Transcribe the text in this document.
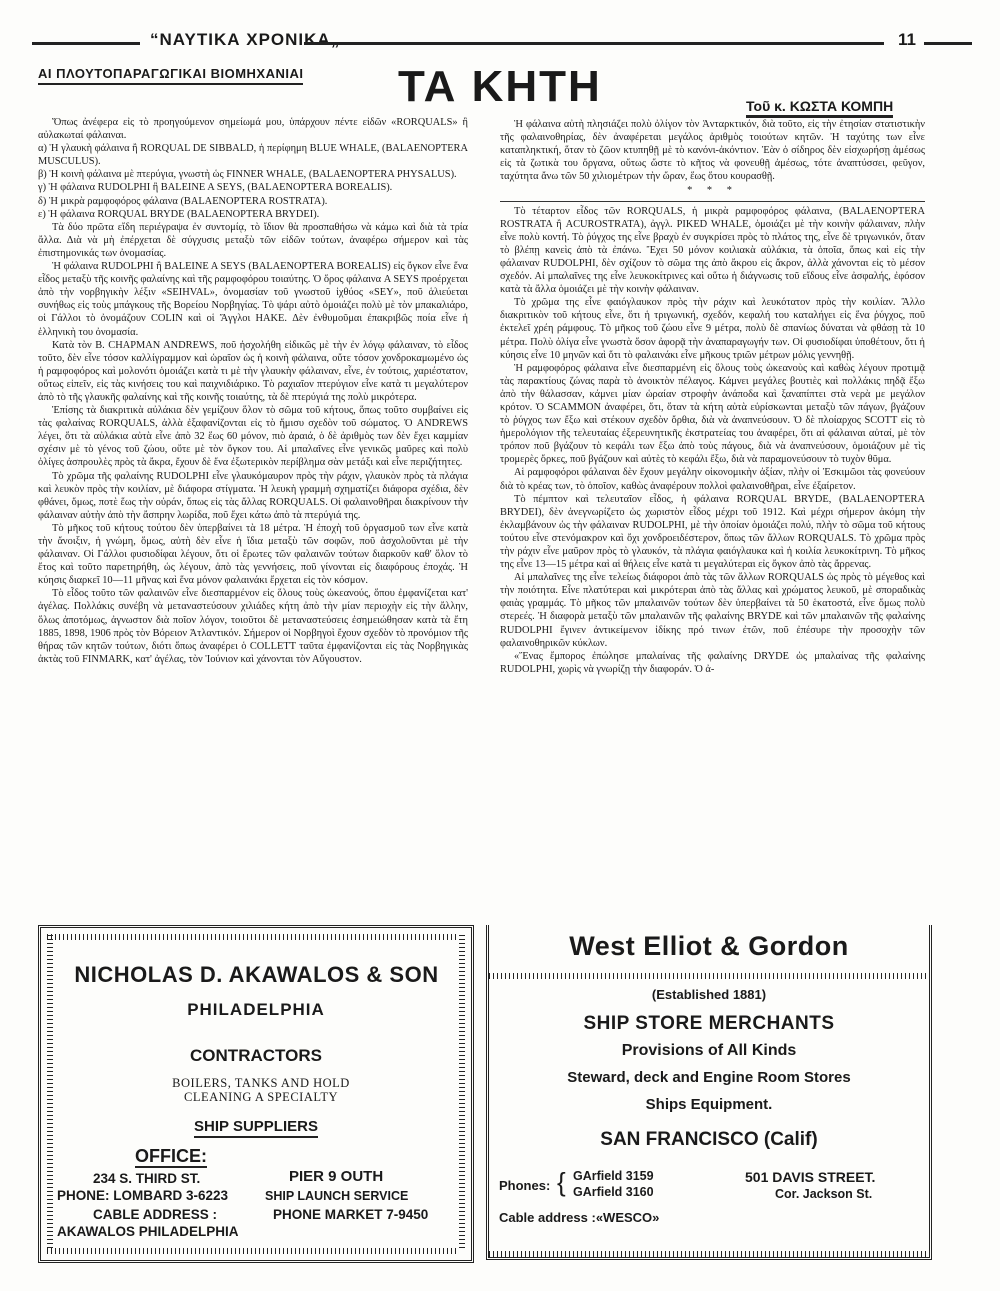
“ΝΑΥΤΙΚΑ ΧΡΟΝΙΚΑ„	11
ΑΙ ΠΛΟΥΤΟΠΑΡΑΓΩΓΙΚΑΙ ΒΙΟΜΗΧΑΝΙΑΙ ΤΑ ΚΗΤΗ	Τοῦ κ. ΚΩΣΤΑ ΚΟΜΠΗ

Ὅπως ἀνέφερα εἰς τὸ προηγούμενον σημείωμά μου, ὑπάρχουν πέντε εἰδῶν «RORQUALS» ἢ αὐλακωταί φάλαιναι.

α) Ἡ γλαυκὴ φάλαινα ἢ RORQUAL DE SIBBALD, ἡ περίφημη BLUE WHALE, (BALAENOPTERA MUSCULUS).

β) Ἡ κοινὴ φάλαινα μὲ πτερύγια, γνωστὴ ὡς FINNER WHALE, (BALAENOPTERA PHYSALUS).

γ) Ἡ φάλαινα RUDOLPHI ἢ BALEINE A SEYS, (BALAENOPTERA BOREALIS).

δ) Ἡ μικρὰ ραμφοφόρος φάλαινα (BALAENOPTERA ROSTRATA).

ε) Ἡ φάλαινα RORQUAL BRYDE (BALAENOPTERA BRYDEI).

Τὰ δύο πρῶτα εἴδη περιέγραψα ἐν συντομίᾳ, τὸ ἴδιον θὰ προσπαθήσω νὰ κάμω καὶ διὰ τὰ τρία ἄλλα. Διὰ νὰ μὴ ἐπέρχεται δὲ σύγχυσις μεταξὺ τῶν εἰδῶν τούτων, ἀναφέρω σήμερον καὶ τὰς ἐπιστημονικάς των ὀνομασίας.

Ἡ φάλαινα RUDOLPHI ἢ BALEINE A SEYS (BALAENOPTERA BOREALIS) εἰς ὄγκον εἶνε ἕνα εἶδος μεταξὺ τῆς κοινῆς φαλαίνης καὶ τῆς ραμφοφόρου τοιαύτης. Ὁ ὅρος φάλαινα A SEYS προέρχεται ἀπὸ τὴν νορβηγικὴν λέξιν «SEIHVAL», ὀνομασίαν τοῦ γνωστοῦ ἰχθύος «SEY», ποῦ ἁλιεύεται συνήθως εἰς τοὺς μπάγκους τῆς Βορείου Νορβηγίας. Τὸ ψάρι αὐτὸ ὁμοιάζει πολὺ μὲ τὸν μπακαλιάρο, οἱ Γάλλοι τὸ ὀνομάζουν COLIN καὶ οἱ Ἄγγλοι HAKE. Δὲν ἐνθυμοῦμαι ἐπακριβῶς ποία εἶνε ἡ ἑλληνικὴ του ὀνομασία.

Κατὰ τὸν B. CHAPMAN ANDREWS, ποῦ ἠσχολήθη εἰδικῶς μὲ τὴν ἐν λόγῳ φάλαιναν, τὸ εἶδος τοῦτο, δὲν εἶνε τόσον καλλίγραμμον καὶ ὡραῖον ὡς ἡ κοινὴ φάλαινα, οὔτε τόσον χονδροκαμωμένο ὡς ἡ ραμφοφόρος καὶ μολονότι ὁμοιάζει κατὰ τι μὲ τὴν γλαυκὴν φάλαιναν, εἶνε, ἐν τούτοις, χαριέστατον, οὕτως εἰπεῖν, εἰς τὰς κινήσεις του καὶ παιχνιδιάρικο. Τὸ ραχιαῖον πτερύγιον εἶνε κατὰ τι μεγαλύτερον ἀπὸ τὸ τῆς γλαυκῆς φαλαίνης καὶ τῆς κοινῆς τοιαύτης, τὰ δὲ πτερύγιά της πολὺ μικρότερα.

Ἐπίσης τὰ διακριτικὰ αὐλάκια δὲν γεμίζουν ὅλον τὸ σῶμα τοῦ κήτους, ὅπως τοῦτο συμβαίνει εἰς τὰς φαλαίνας RORQUALS, ἀλλὰ ἐξαφανίζονται εἰς τὸ ἥμισυ σχεδὸν τοῦ σώματος. Ὁ ANDREWS λέγει, ὅτι τὰ αὐλάκια αὐτὰ εἶνε ἀπὸ 32 ἕως 60 μόνον, πιὸ ἀραιά, ὁ δὲ ἀριθμὸς των δὲν ἔχει καμμίαν σχέσιν μὲ τὸ γένος τοῦ ζώου, οὔτε μὲ τὸν ὄγκον του. Αἱ μπαλαῖνες εἶνε γενικῶς μαῦρες καὶ πολὺ ὀλίγες ἀσπρουλὲς πρὸς τὰ ἄκρα, ἔχουν δὲ ἕνα ἐξωτερικὸν περίβλημα σὰν μετάξι καὶ εἶνε περιζήτητες.

Τὸ χρῶμα τῆς φαλαίνης RUDOLPHI εἶνε γλαυκόμαυρον πρὸς τὴν ράχιν, γλαυκὸν πρὸς τὰ πλάγια καὶ λευκὸν πρὸς τὴν κοιλίαν, μὲ διάφορα στίγματα. Ἡ λευκὴ γραμμὴ σχηματίζει διάφορα σχέδια, δὲν φθάνει, ὅμως, ποτὲ ἕως τὴν οὐράν, ὅπως εἰς τὰς ἄλλας RORQUALS. Οἱ φαλαινοθῆραι διακρίνουν τὴν φάλαιναν αὐτὴν ἀπὸ τὴν ἄσπρην λωρίδα, ποῦ ἔχει κάτω ἀπὸ τὰ πτερύγιά της.

Τὸ μῆκος τοῦ κήτους τούτου δὲν ὑπερβαίνει τὰ 18 μέτρα. Ἡ ἐποχὴ τοῦ ὀργασμοῦ των εἶνε κατὰ τὴν ἄνοιξιν, ἡ γνώμη, ὅμως, αὐτὴ δὲν εἶνε ἡ ἴδια μεταξὺ τῶν σοφῶν, ποῦ ἀσχολοῦνται μὲ τὴν φάλαιναν. Οἱ Γάλλοι φυσιοδίφαι λέγουν, ὅτι οἱ ἔρωτες τῶν φαλαινῶν τούτων διαρκοῦν καθ' ὅλον τὸ ἔτος καὶ τοῦτο παρετηρήθη, ὡς λέγουν, ἀπὸ τὰς γεννήσεις, ποῦ γίνονται εἰς διαφόρους ἐποχάς. Ἡ κύησις διαρκεῖ 10—11 μῆνας καὶ ἕνα μόνον φαλαινάκι ἔρχεται εἰς τὸν κόσμον.

Τὸ εἶδος τοῦτο τῶν φαλαινῶν εἶνε διεσπαρμένον εἰς ὅλους τοὺς ὠκεανούς, ὅπου ἐμφανίζεται κατ' ἀγέλας. Πολλάκις συνέβη νὰ μεταναστεύσουν χιλιάδες κήτη ἀπὸ τὴν μίαν περιοχὴν εἰς τὴν ἄλλην, ὅλως ἀποτόμως, ἀγνωστον διὰ ποῖον λόγον, τοιοῦτοι δὲ μεταναστεύσεις ἐσημειώθησαν κατὰ τὰ ἔτη 1885, 1898, 1906 πρὸς τὸν Βόρειον Ἀτλαντικόν. Σήμερον οἱ Νορβηγοὶ ἔχουν σχεδὸν τὸ προνόμιον τῆς θήρας τῶν κητῶν τούτων, διότι ὅπως ἀναφέρει ὁ COLLETT ταῦτα ἐμφανίζονται εἰς τὰς Νορβηγικὰς ἀκτὰς τοῦ FINMARK, κατ' ἀγέλας, τὸν Ἰούνιον καὶ χάνονται τὸν Αὔγουστον.

Ἡ φάλαινα αὐτὴ πλησιάζει πολὺ ὀλίγον τὸν Ἀνταρκτικόν, διὰ τοῦτο, εἰς τὴν ἐτησίαν στατιστικὴν τῆς φαλαινοθηρίας, δὲν ἀναφέρεται μεγάλος ἀριθμὸς τοιούτων κητῶν. Ἡ ταχύτης των εἶνε καταπληκτική, ὅταν τὸ ζῶον κτυπηθῇ μὲ τὸ κανόνι-ἀκόντιον. Ἐὰν ὁ σίδηρος δὲν εἰσχωρήσῃ ἀμέσως εἰς τὰ ζωτικὰ του ὄργανα, οὕτως ὥστε τὸ κῆτος νὰ φονευθῇ ἀμέσως, τότε ἀναπτύσσει, φεῦγον, ταχύτητα ἄνω τῶν 50 χιλιομέτρων τὴν ὥραν, ἕως ὅτου κουρασθῇ.

* * *

Τὸ τέταρτον εἶδος τῶν RORQUALS, ἡ μικρὰ ραμφοφόρος φάλαινα, (BALAENOPTERA ROSTRATA ἢ ACUROSTRATA), ἀγγλ. PIKED WHALE, ὁμοιάζει μὲ τὴν κοινὴν φάλαιναν, πλὴν εἶνε πολὺ κοντή. Τὸ ῥύγχος της εἶνε βραχὺ ἐν συγκρίσει πρὸς τὸ πλάτος της, εἶνε δὲ τριγωνικόν, ὅταν τὸ βλέπῃ κανεὶς ἀπὸ τὰ ἐπάνω. Ἔχει 50 μόνον κοιλιακὰ αὐλάκια, τὰ ὁποῖα, ὅπως καὶ εἰς τὴν φάλαιναν RUDOLPHI, δὲν σχίζουν τὸ σῶμα της ἀπὸ ἄκρου εἰς ἄκρον, ἀλλὰ χάνονται εἰς τὸ μέσον σχεδόν. Αἱ μπαλαῖνες της εἶνε λευκοκίτρινες καὶ οὕτω ἡ διάγνωσις τοῦ εἴδους εἶνε ἀσφαλής, ἐφόσον κατὰ τὰ ἄλλα ὁμοιάζει μὲ τὴν κοινὴν φάλαιναν.

Τὸ χρῶμα της εἶνε φαιόγλαυκον πρὸς τὴν ράχιν καὶ λευκότατον πρὸς τὴν κοιλίαν. Ἄλλο διακριτικὸν τοῦ κήτους εἶνε, ὅτι ἡ τριγωνική, σχεδόν, κεφαλή του καταλήγει εἰς ἕνα ῥύγχος, ποῦ ἐκτελεῖ χρέη ράμφους. Τὸ μῆκος τοῦ ζώου εἶνε 9 μέτρα, πολὺ δὲ σπανίως δύναται νὰ φθάσῃ τὰ 10 μέτρα. Πολὺ ὀλίγα εἶνε γνωστὰ ὅσον ἀφορᾷ τὴν ἀναπαραγωγήν των. Οἱ φυσιοδίφαι ὑποθέτουν, ὅτι ἡ κύησις εἶνε 10 μηνῶν καὶ ὅτι τὸ φαλαινάκι εἶνε μῆκους τριῶν μέτρων μόλις γεννηθῇ.

Ἡ ραμφοφόρος φάλαινα εἶνε διεσπαρμένη εἰς ὅλους τοὺς ὠκεανοὺς καὶ καθὼς λέγουν προτιμᾷ τὰς παρακτίους ζώνας παρὰ τὸ ἀνοικτὸν πέλαγος. Κάμνει μεγάλες βουτιὲς καὶ πολλάκις πηδᾷ ἔξω ἀπὸ τὴν θάλασσαν, κάμνει μίαν ὡραίαν στροφὴν ἀνάποδα καὶ ξαναπίπτει στὰ νερὰ με μεγάλον κρότον. Ὁ SCAMMON ἀναφέρει, ὅτι, ὅταν τὰ κήτη αὐτὰ εὑρίσκωνται μεταξὺ τῶν πάγων, βγάζουν τὸ ῥύγχος των ἔξω καὶ στέκουν σχεδὸν ὄρθια, διὰ νὰ ἀναπνεύσουν. Ὁ δὲ πλοίαρχος SCOTT εἰς τὸ ἡμερολόγιον τῆς τελευταίας ἐξερευνητικῆς ἐκστρατείας του ἀναφέρει, ὅτι αἱ φάλαιναι αὐταί, μὲ τὸν τρόπον ποῦ βγάζουν τὸ κεφάλι των ἔξω ἀπὸ τοὺς πάγους, διὰ νὰ ἀναπνεύσουν, ὁμοιάζουν μὲ τὶς τρομερὲς ὄρκες, ποῦ βγάζουν καὶ αὐτὲς τὸ κεφάλι ἔξω, διὰ νὰ παραμονεύσουν τὸ τυχὸν θῦμα.

Αἱ ραμφοφόροι φάλαιναι δὲν ἔχουν μεγάλην οἰκονομικὴν ἀξίαν, πλὴν οἱ Ἐσκιμῶοι τὰς φονεύουν διὰ τὸ κρέας των, τὸ ὁποῖον, καθὼς ἀναφέρουν πολλοὶ φαλαινοθῆραι, εἶνε ἐξαίρετον.

Τὸ πέμπτον καὶ τελευταῖον εἶδος, ἡ φάλαινα RORQUAL BRYDE, (BALAENOPTERA BRYDEI), δὲν ἀνεγνωρίζετο ὡς χωριστὸν εἶδος μέχρι τοῦ 1912. Καὶ μέχρι σήμερον ἀκόμη τὴν ἐκλαμβάνουν ὡς τὴν φάλαιναν RUDOLPHI, μὲ τὴν ὁποίαν ὁμοιάζει πολύ, πλὴν τὸ σῶμα τοῦ κήτους τούτου εἶνε στενόμακρον καὶ ὄχι χονδροειδέστερον, ὅπως τῶν ἄλλων RORQUALS. Τὸ χρῶμα πρὸς τὴν ράχιν εἶνε μαῦρον πρὸς τὸ γλαυκόν, τὰ πλάγια φαιόγλαυκα καὶ ἡ κοιλία λευκοκίτρινη. Τὸ μῆκος της εἶνε 13—15 μέτρα καὶ αἱ θήλεις εἶνε κατὰ τι μεγαλύτεραι εἰς ὄγκον ἀπὸ τὰς ἄρρενας.

Αἱ μπαλαῖνες της εἶνε τελείως διάφοροι ἀπὸ τὰς τῶν ἄλλων RORQUALS ὡς πρὸς τὸ μέγεθος καὶ τὴν ποιότητα. Εἶνε πλατύτεραι καὶ μικρότεραι ἀπὸ τὰς ἄλλας καὶ χρώματος λευκοῦ, μὲ σποραδικὰς φαιὰς γραμμάς. Τὸ μῆκος τῶν μπαλαινῶν τούτων δὲν ὑπερβαίνει τὰ 50 ἑκατοστά, εἶνε ὅμως πολὺ στερεές. Ἡ διαφορὰ μεταξὺ τῶν μπαλαινῶν τῆς φαλαίνης BRYDE καὶ τῶν μπαλαινῶν τῆς φαλαίνης RUDOLPHI ἔγινεν ἀντικείμενον ἰδίκης πρό τινων ἐτῶν, ποῦ ἐπέσυρε τὴν προσοχὴν τῶν φαλαινοθηρικῶν κύκλων.

«Ἕνας ἔμπορος ἐπώλησε μπαλαίνας τῆς φαλαίνης DRYDE ὡς μπαλαίνας τῆς φαλαίνης RUDOLPHI, χωρὶς νὰ γνωρίζῃ τὴν διαφοράν. Ὁ ἀ-

NICHOLAS D. AKAWALOS & SON
PHILADELPHIA
CONTRACTORS
BOILERS, TANKS AND HOLD
CLEANING A SPECIALTY
SHIP SUPPLIERS
OFFICE:
234 S. THIRD ST.
PHONE: LOMBARD 3-6223
CABLE ADDRESS :
AKAWALOS PHILADELPHIA
PIER 9 OUTH
SHIP LAUNCH SERVICE
PHONE MARKET 7-9450
West Elliot & Gordon
(Established 1881)
SHIP STORE MERCHANTS
Provisions of All Kinds
Steward, deck and Engine Room Stores
Ships Equipment.
SAN FRANCISCO (Calif)
Phones: { GArfield 3159
GArfield 3160
501 DAVIS STREET.
Cor. Jackson St.
Cable address :«WESCO»
